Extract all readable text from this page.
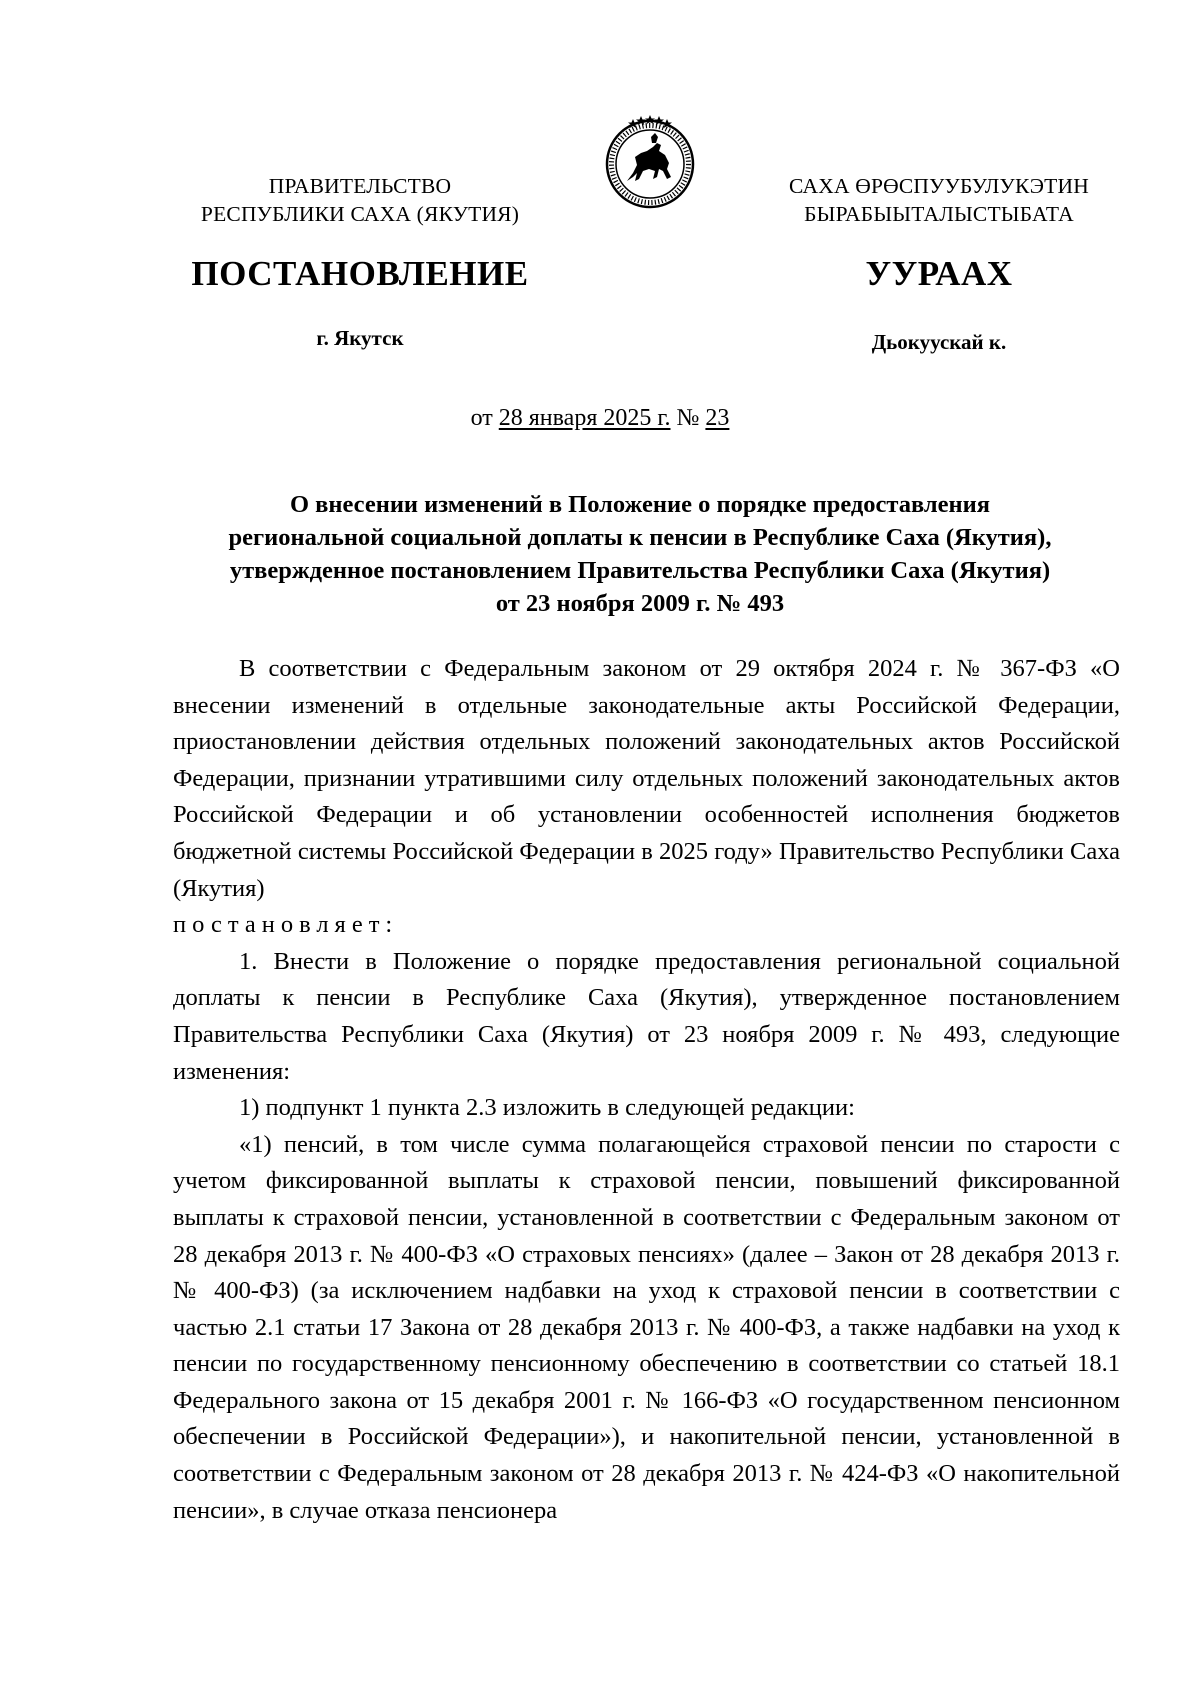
ПРАВИТЕЛЬСТВО
РЕСПУБЛИКИ САХА (ЯКУТИЯ)
САХА ӨРӨСПУУБУЛУКЭТИН
БЫРАБЫЫТАЛЫСТЫБАТА
ПОСТАНОВЛЕНИЕ	УУРААХ
г. Якутск	Дьокуускай к.
от 28 января 2025 г. № 23
О внесении изменений в Положение о порядке предоставления
региональной социальной доплаты к пенсии в Республике Саха (Якутия),
утвержденное постановлением Правительства Республики Саха (Якутия)
от 23 ноября 2009 г. № 493

В соответствии с Федеральным законом от 29 октября 2024 г. № 367-ФЗ «О внесении изменений в отдельные законодательные акты Российской Федерации, приостановлении действия отдельных положений законодательных актов Российской Федерации, признании утратившими силу отдельных положений законодательных актов Российской Федерации и об установлении особенностей исполнения бюджетов бюджетной системы Российской Федерации в 2025 году» Правительство Республики Саха (Якутия)
постановляет:

1. Внести в Положение о порядке предоставления региональной социальной доплаты к пенсии в Республике Саха (Якутия), утвержденное постановлением Правительства Республики Саха (Якутия) от 23 ноября 2009 г. № 493, следующие изменения:

1) подпункт 1 пункта 2.3 изложить в следующей редакции:

«1) пенсий, в том числе сумма полагающейся страховой пенсии по старости с учетом фиксированной выплаты к страховой пенсии, повышений фиксированной выплаты к страховой пенсии, установленной в соответствии с Федеральным законом от 28 декабря 2013 г. № 400-ФЗ «О страховых пенсиях» (далее – Закон от 28 декабря 2013 г. № 400-ФЗ) (за исключением надбавки на уход к страховой пенсии в соответствии с частью 2.1 статьи 17 Закона от 28 декабря 2013 г. № 400-ФЗ, а также надбавки на уход к пенсии по государственному пенсионному обеспечению в соответствии со статьей 18.1 Федерального закона от 15 декабря 2001 г. № 166-ФЗ «О государственном пенсионном обеспечении в Российской Федерации»), и накопительной пенсии, установленной в соответствии с Федеральным законом от 28 декабря 2013 г. № 424-ФЗ «О накопительной пенсии», в случае отказа пенсионера
